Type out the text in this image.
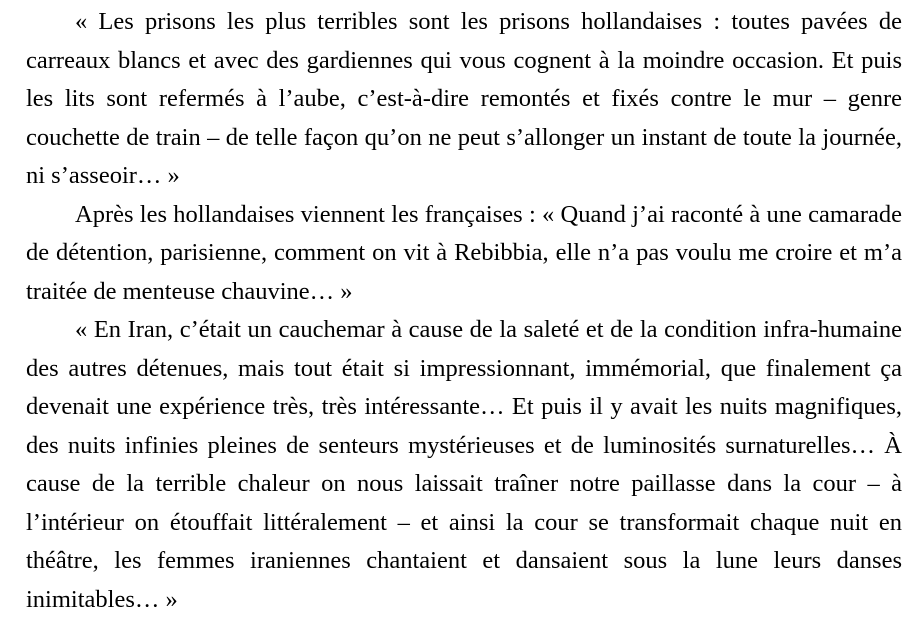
« Les prisons les plus terribles sont les prisons hollandaises : toutes pavées de carreaux blancs et avec des gardiennes qui vous cognent à la moindre occasion. Et puis les lits sont refermés à l’aube, c’est-à-dire remontés et fixés contre le mur – genre couchette de train – de telle façon qu’on ne peut s’allonger un instant de toute la journée, ni s’asseoir… »

Après les hollandaises viennent les françaises : « Quand j’ai raconté à une camarade de détention, parisienne, comment on vit à Rebibbia, elle n’a pas voulu me croire et m’a traitée de menteuse chauvine… »

« En Iran, c’était un cauchemar à cause de la saleté et de la condition infra-humaine des autres détenues, mais tout était si impressionnant, immémorial, que finalement ça devenait une expérience très, très intéressante… Et puis il y avait les nuits magnifiques, des nuits infinies pleines de senteurs mystérieuses et de luminosités surnaturelles… À cause de la terrible chaleur on nous laissait traîner notre paillasse dans la cour – à l’intérieur on étouffait littéralement – et ainsi la cour se transformait chaque nuit en théâtre, les femmes iraniennes chantaient et dansaient sous la lune leurs danses inimitables… »
